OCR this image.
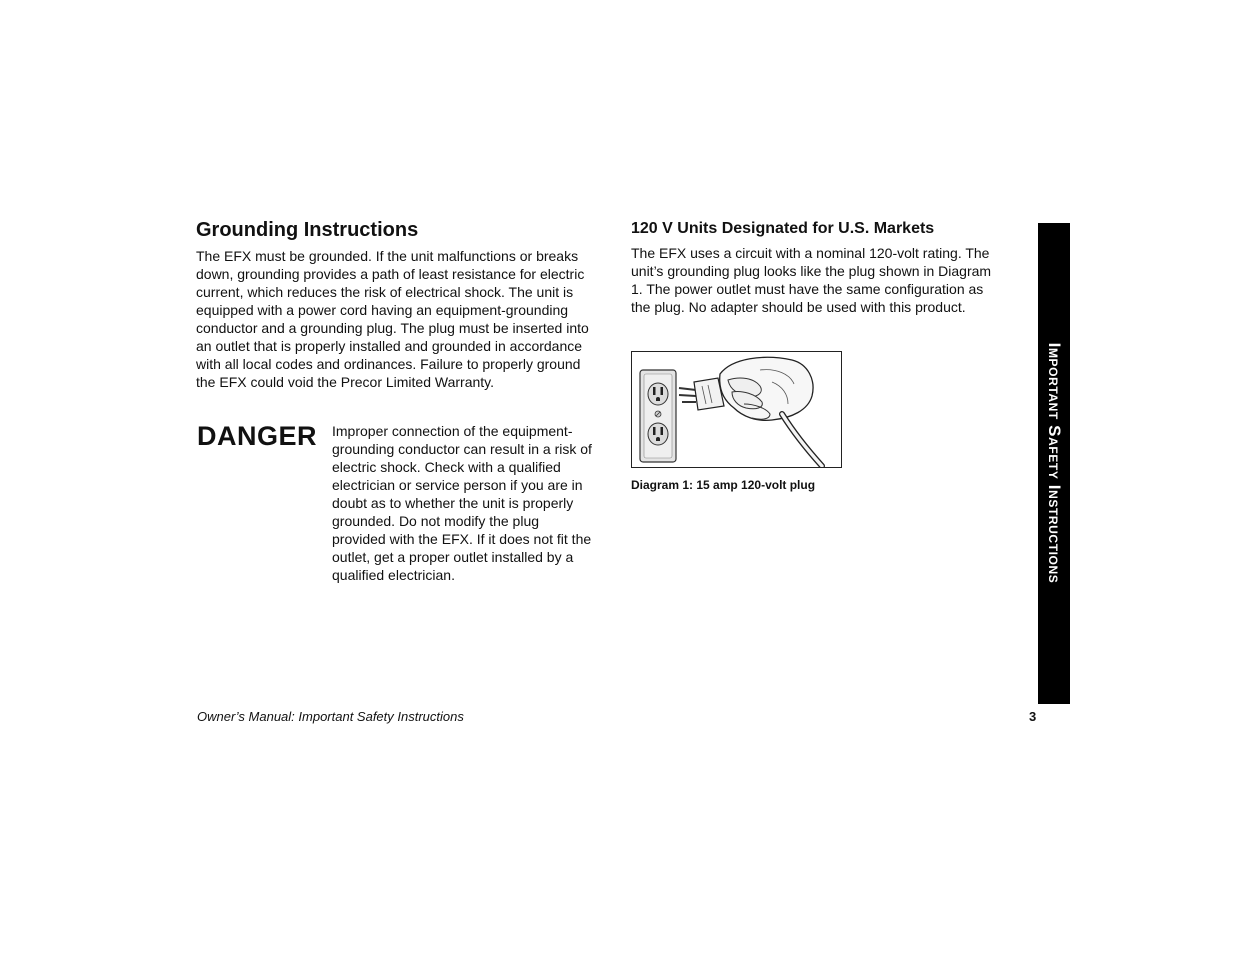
Grounding Instructions

The EFX must be grounded. If the unit malfunctions or breaks down, grounding provides a path of least resistance for electric current, which reduces the risk of electrical shock. The unit is equipped with a power cord having an equipment-grounding conductor and a grounding plug. The plug must be inserted into an outlet that is properly installed and grounded in accordance with all local codes and ordinances. Failure to properly ground the EFX could void the Precor Limited Warranty.

DANGER Improper connection of the equipment-grounding conductor can result in a risk of electric shock. Check with a qualified electrician or service person if you are in doubt as to whether the unit is properly grounded. Do not modify the plug provided with the EFX. If it does not fit the outlet, get a proper outlet installed by a qualified electrician.

120 V Units Designated for U.S. Markets

The EFX uses a circuit with a nominal 120-volt rating. The unit’s grounding plug looks like the plug shown in Diagram 1. The power outlet must have the same configuration as the plug. No adapter should be used with this product.

Diagram 1: 15 amp 120-volt plug	Important Safety Instructions

Owner’s Manual: Important Safety Instructions	3
